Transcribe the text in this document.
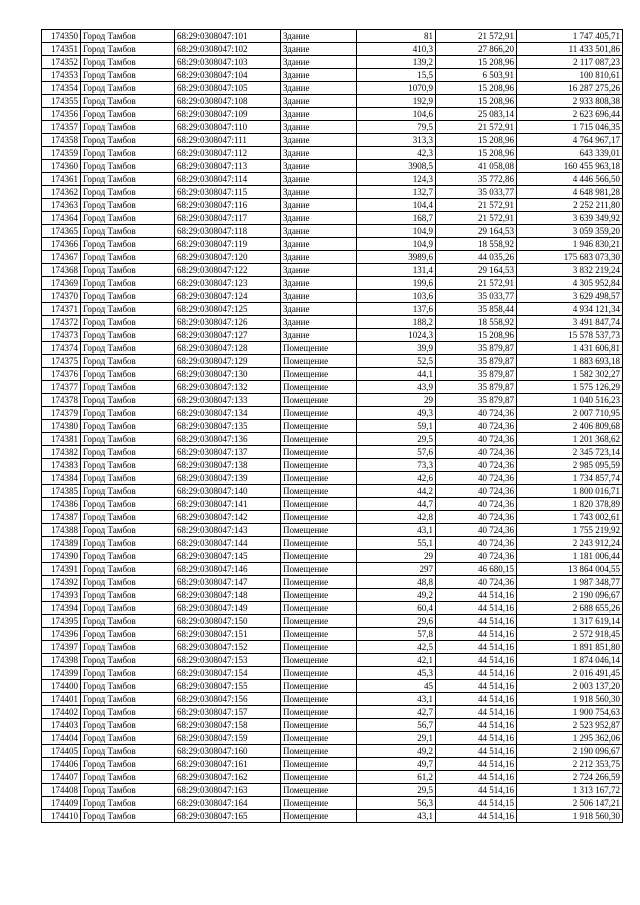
174350	Город Тамбов	68:29:0308047:101	Здание	81	21 572,91	1 747 405,71
174351	Город Тамбов	68:29:0308047:102	Здание	410,3	27 866,20	11 433 501,86
174352	Город Тамбов	68:29:0308047:103	Здание	139,2	15 208,96	2 117 087,23
174353	Город Тамбов	68:29:0308047:104	Здание	15,5	6 503,91	100 810,61
174354	Город Тамбов	68:29:0308047:105	Здание	1070,9	15 208,96	16 287 275,26
174355	Город Тамбов	68:29:0308047:108	Здание	192,9	15 208,96	2 933 808,38
174356	Город Тамбов	68:29:0308047:109	Здание	104,6	25 083,14	2 623 696,44
174357	Город Тамбов	68:29:0308047:110	Здание	79,5	21 572,91	1 715 046,35
174358	Город Тамбов	68:29:0308047:111	Здание	313,3	15 208,96	4 764 967,17
174359	Город Тамбов	68:29:0308047:112	Здание	42,3	15 208,96	643 339,01
174360	Город Тамбов	68:29:0308047:113	Здание	3908,5	41 058,08	160 455 963,18
174361	Город Тамбов	68:29:0308047:114	Здание	124,3	35 772,86	4 446 566,50
174362	Город Тамбов	68:29:0308047:115	Здание	132,7	35 033,77	4 648 981,28
174363	Город Тамбов	68:29:0308047:116	Здание	104,4	21 572,91	2 252 211,80
174364	Город Тамбов	68:29:0308047:117	Здание	168,7	21 572,91	3 639 349,92
174365	Город Тамбов	68:29:0308047:118	Здание	104,9	29 164,53	3 059 359,20
174366	Город Тамбов	68:29:0308047:119	Здание	104,9	18 558,92	1 946 830,21
174367	Город Тамбов	68:29:0308047:120	Здание	3989,6	44 035,26	175 683 073,30
174368	Город Тамбов	68:29:0308047:122	Здание	131,4	29 164,53	3 832 219,24
174369	Город Тамбов	68:29:0308047:123	Здание	199,6	21 572,91	4 305 952,84
174370	Город Тамбов	68:29:0308047:124	Здание	103,6	35 033,77	3 629 498,57
174371	Город Тамбов	68:29:0308047:125	Здание	137,6	35 858,44	4 934 121,34
174372	Город Тамбов	68:29:0308047:126	Здание	188,2	18 558,92	3 491 847,74
174373	Город Тамбов	68:29:0308047:127	Здание	1024,3	15 208,96	15 578 537,73
174374	Город Тамбов	68:29:0308047:128	Помещение	39,9	35 879,87	1 431 606,81
174375	Город Тамбов	68:29:0308047:129	Помещение	52,5	35 879,87	1 883 693,18
174376	Город Тамбов	68:29:0308047:130	Помещение	44,1	35 879,87	1 582 302,27
174377	Город Тамбов	68:29:0308047:132	Помещение	43,9	35 879,87	1 575 126,29
174378	Город Тамбов	68:29:0308047:133	Помещение	29	35 879,87	1 040 516,23
174379	Город Тамбов	68:29:0308047:134	Помещение	49,3	40 724,36	2 007 710,95
174380	Город Тамбов	68:29:0308047:135	Помещение	59,1	40 724,36	2 406 809,68
174381	Город Тамбов	68:29:0308047:136	Помещение	29,5	40 724,36	1 201 368,62
174382	Город Тамбов	68:29:0308047:137	Помещение	57,6	40 724,36	2 345 723,14
174383	Город Тамбов	68:29:0308047:138	Помещение	73,3	40 724,36	2 985 095,59
174384	Город Тамбов	68:29:0308047:139	Помещение	42,6	40 724,36	1 734 857,74
174385	Город Тамбов	68:29:0308047:140	Помещение	44,2	40 724,36	1 800 016,71
174386	Город Тамбов	68:29:0308047:141	Помещение	44,7	40 724,36	1 820 378,89
174387	Город Тамбов	68:29:0308047:142	Помещение	42,8	40 724,36	1 743 002,61
174388	Город Тамбов	68:29:0308047:143	Помещение	43,1	40 724,36	1 755 219,92
174389	Город Тамбов	68:29:0308047:144	Помещение	55,1	40 724,36	2 243 912,24
174390	Город Тамбов	68:29:0308047:145	Помещение	29	40 724,36	1 181 006,44
174391	Город Тамбов	68:29:0308047:146	Помещение	297	46 680,15	13 864 004,55
174392	Город Тамбов	68:29:0308047:147	Помещение	48,8	40 724,36	1 987 348,77
174393	Город Тамбов	68:29:0308047:148	Помещение	49,2	44 514,16	2 190 096,67
174394	Город Тамбов	68:29:0308047:149	Помещение	60,4	44 514,16	2 688 655,26
174395	Город Тамбов	68:29:0308047:150	Помещение	29,6	44 514,16	1 317 619,14
174396	Город Тамбов	68:29:0308047:151	Помещение	57,8	44 514,16	2 572 918,45
174397	Город Тамбов	68:29:0308047:152	Помещение	42,5	44 514,16	1 891 851,80
174398	Город Тамбов	68:29:0308047:153	Помещение	42,1	44 514,16	1 874 046,14
174399	Город Тамбов	68:29:0308047:154	Помещение	45,3	44 514,16	2 016 491,45
174400	Город Тамбов	68:29:0308047:155	Помещение	45	44 514,16	2 003 137,20
174401	Город Тамбов	68:29:0308047:156	Помещение	43,1	44 514,16	1 918 560,30
174402	Город Тамбов	68:29:0308047:157	Помещение	42,7	44 514,16	1 900 754,63
174403	Город Тамбов	68:29:0308047:158	Помещение	56,7	44 514,16	2 523 952,87
174404	Город Тамбов	68:29:0308047:159	Помещение	29,1	44 514,16	1 295 362,06
174405	Город Тамбов	68:29:0308047:160	Помещение	49,2	44 514,16	2 190 096,67
174406	Город Тамбов	68:29:0308047:161	Помещение	49,7	44 514,16	2 212 353,75
174407	Город Тамбов	68:29:0308047:162	Помещение	61,2	44 514,16	2 724 266,59
174408	Город Тамбов	68:29:0308047:163	Помещение	29,5	44 514,16	1 313 167,72
174409	Город Тамбов	68:29:0308047:164	Помещение	56,3	44 514,15	2 506 147,21
174410	Город Тамбов	68:29:0308047:165	Помещение	43,1	44 514,16	1 918 560,30
